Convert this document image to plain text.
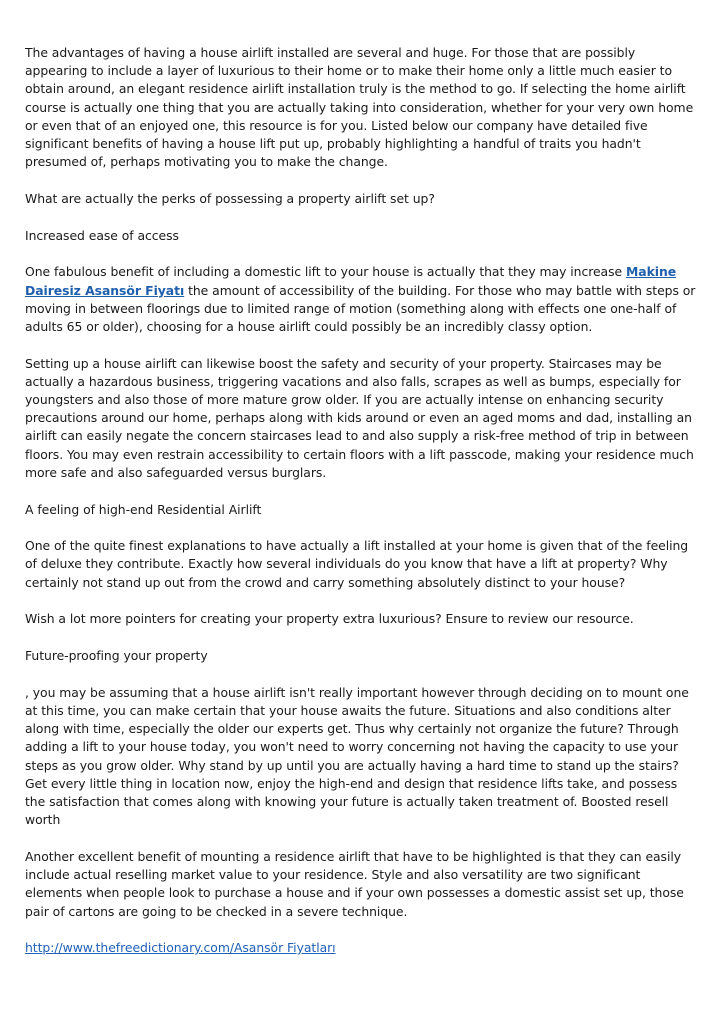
The advantages of having a house airlift installed are several and huge. For those that are possibly appearing to include a layer of luxurious to their home or to make their home only a little much easier to obtain around, an elegant residence airlift installation truly is the method to go. If selecting the home airlift course is actually one thing that you are actually taking into consideration, whether for your very own home or even that of an enjoyed one, this resource is for you. Listed below our company have detailed five significant benefits of having a house lift put up, probably highlighting a handful of traits you hadn't presumed of, perhaps motivating you to make the change.

What are actually the perks of possessing a property airlift set up?

Increased ease of access

One fabulous benefit of including a domestic lift to your house is actually that they may increase Makine Dairesiz Asansör Fiyatı the amount of accessibility of the building. For those who may battle with steps or moving in between floorings due to limited range of motion (something along with effects one one-half of adults 65 or older), choosing for a house airlift could possibly be an incredibly classy option.

Setting up a house airlift can likewise boost the safety and security of your property. Staircases may be actually a hazardous business, triggering vacations and also falls, scrapes as well as bumps, especially for youngsters and also those of more mature grow older. If you are actually intense on enhancing security precautions around our home, perhaps along with kids around or even an aged moms and dad, installing an airlift can easily negate the concern staircases lead to and also supply a risk-free method of trip in between floors. You may even restrain accessibility to certain floors with a lift passcode, making your residence much more safe and also safeguarded versus burglars.

A feeling of high-end Residential Airlift

One of the quite finest explanations to have actually a lift installed at your home is given that of the feeling of deluxe they contribute. Exactly how several individuals do you know that have a lift at property? Why certainly not stand up out from the crowd and carry something absolutely distinct to your house?

Wish a lot more pointers for creating your property extra luxurious? Ensure to review our resource.

Future-proofing your property

, you may be assuming that a house airlift isn't really important however through deciding on to mount one at this time, you can make certain that your house awaits the future. Situations and also conditions alter along with time, especially the older our experts get. Thus why certainly not organize the future? Through adding a lift to your house today, you won't need to worry concerning not having the capacity to use your steps as you grow older. Why stand by up until you are actually having a hard time to stand up the stairs? Get every little thing in location now, enjoy the high-end and design that residence lifts take, and possess the satisfaction that comes along with knowing your future is actually taken treatment of. Boosted resell worth

Another excellent benefit of mounting a residence airlift that have to be highlighted is that they can easily include actual reselling market value to your residence. Style and also versatility are two significant elements when people look to purchase a house and if your own possesses a domestic assist set up, those pair of cartons are going to be checked in a severe technique.

http://www.thefreedictionary.com/Asansör Fiyatları
